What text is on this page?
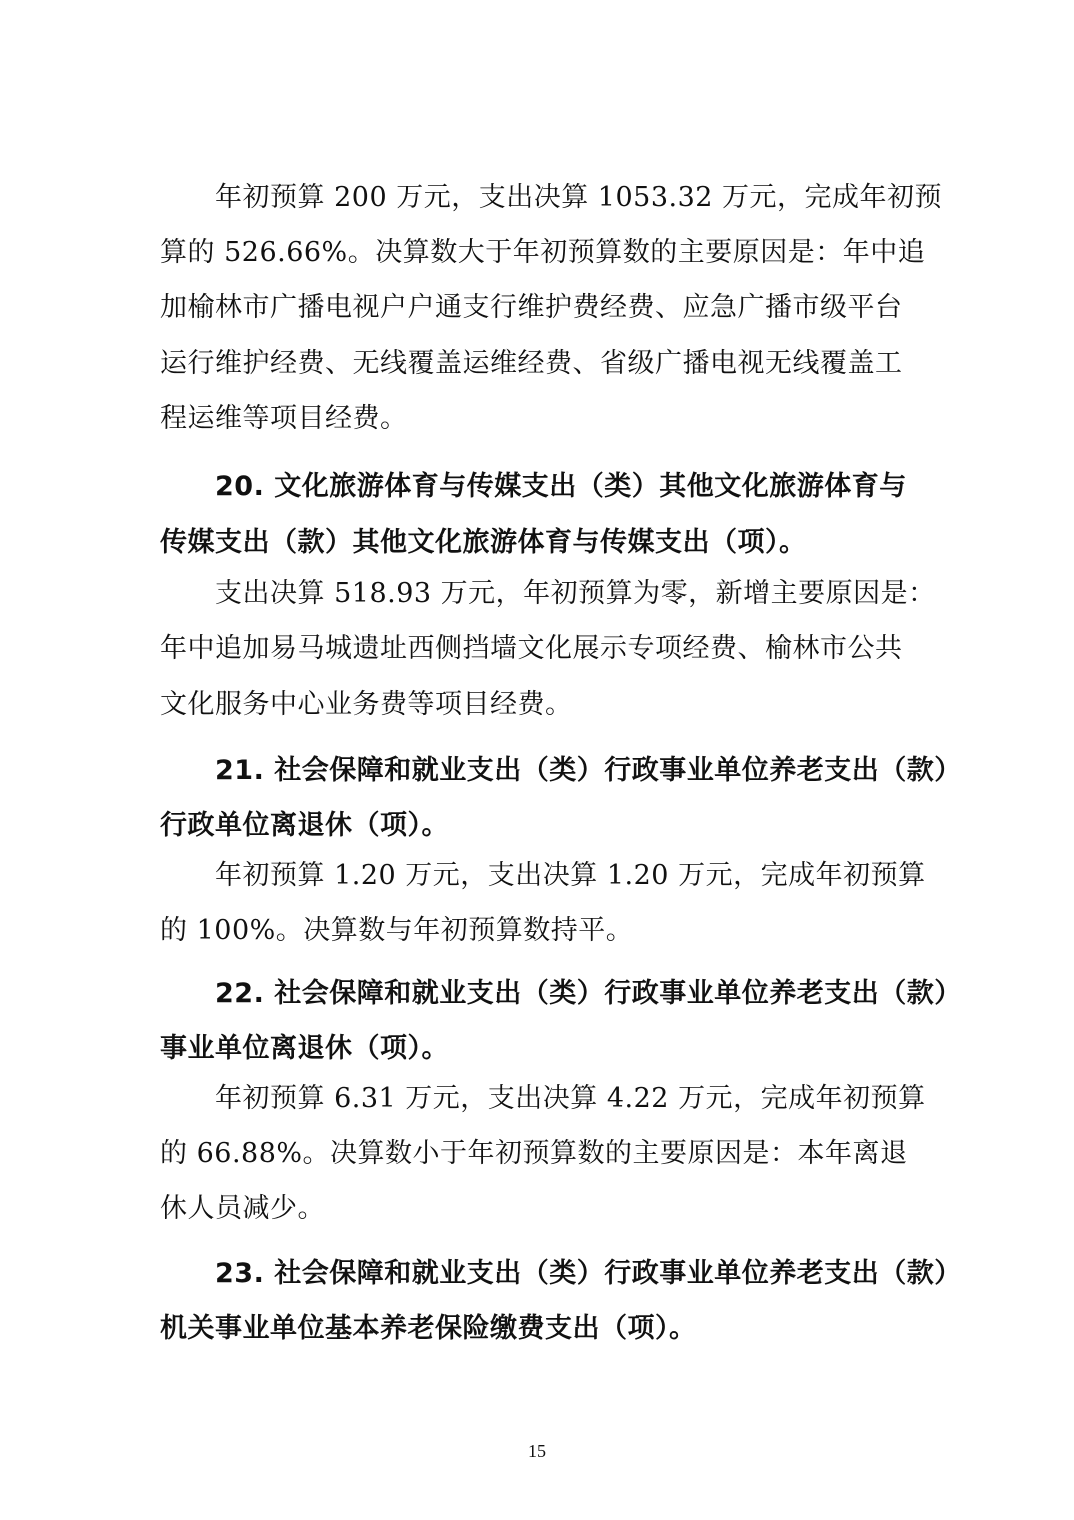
年初预算 200 万元，支出决算 1053.32 万元，完成年初预
算的 526.66%。决算数大于年初预算数的主要原因是：年中追
加榆林市广播电视户户通支行维护费经费、应急广播市级平台
运行维护经费、无线覆盖运维经费、省级广播电视无线覆盖工
程运维等项目经费。
20. 文化旅游体育与传媒支出（类）其他文化旅游体育与
传媒支出（款）其他文化旅游体育与传媒支出（项）。
支出决算 518.93 万元，年初预算为零，新增主要原因是：
年中追加易马城遗址西侧挡墙文化展示专项经费、榆林市公共
文化服务中心业务费等项目经费。
21. 社会保障和就业支出（类）行政事业单位养老支出（款）
行政单位离退休（项）。
年初预算 1.20 万元，支出决算 1.20 万元，完成年初预算
的 100%。决算数与年初预算数持平。
22. 社会保障和就业支出（类）行政事业单位养老支出（款）
事业单位离退休（项）。
年初预算 6.31 万元，支出决算 4.22 万元，完成年初预算
的 66.88%。决算数小于年初预算数的主要原因是：本年离退
休人员减少。
23. 社会保障和就业支出（类）行政事业单位养老支出（款）
机关事业单位基本养老保险缴费支出（项）。
15
